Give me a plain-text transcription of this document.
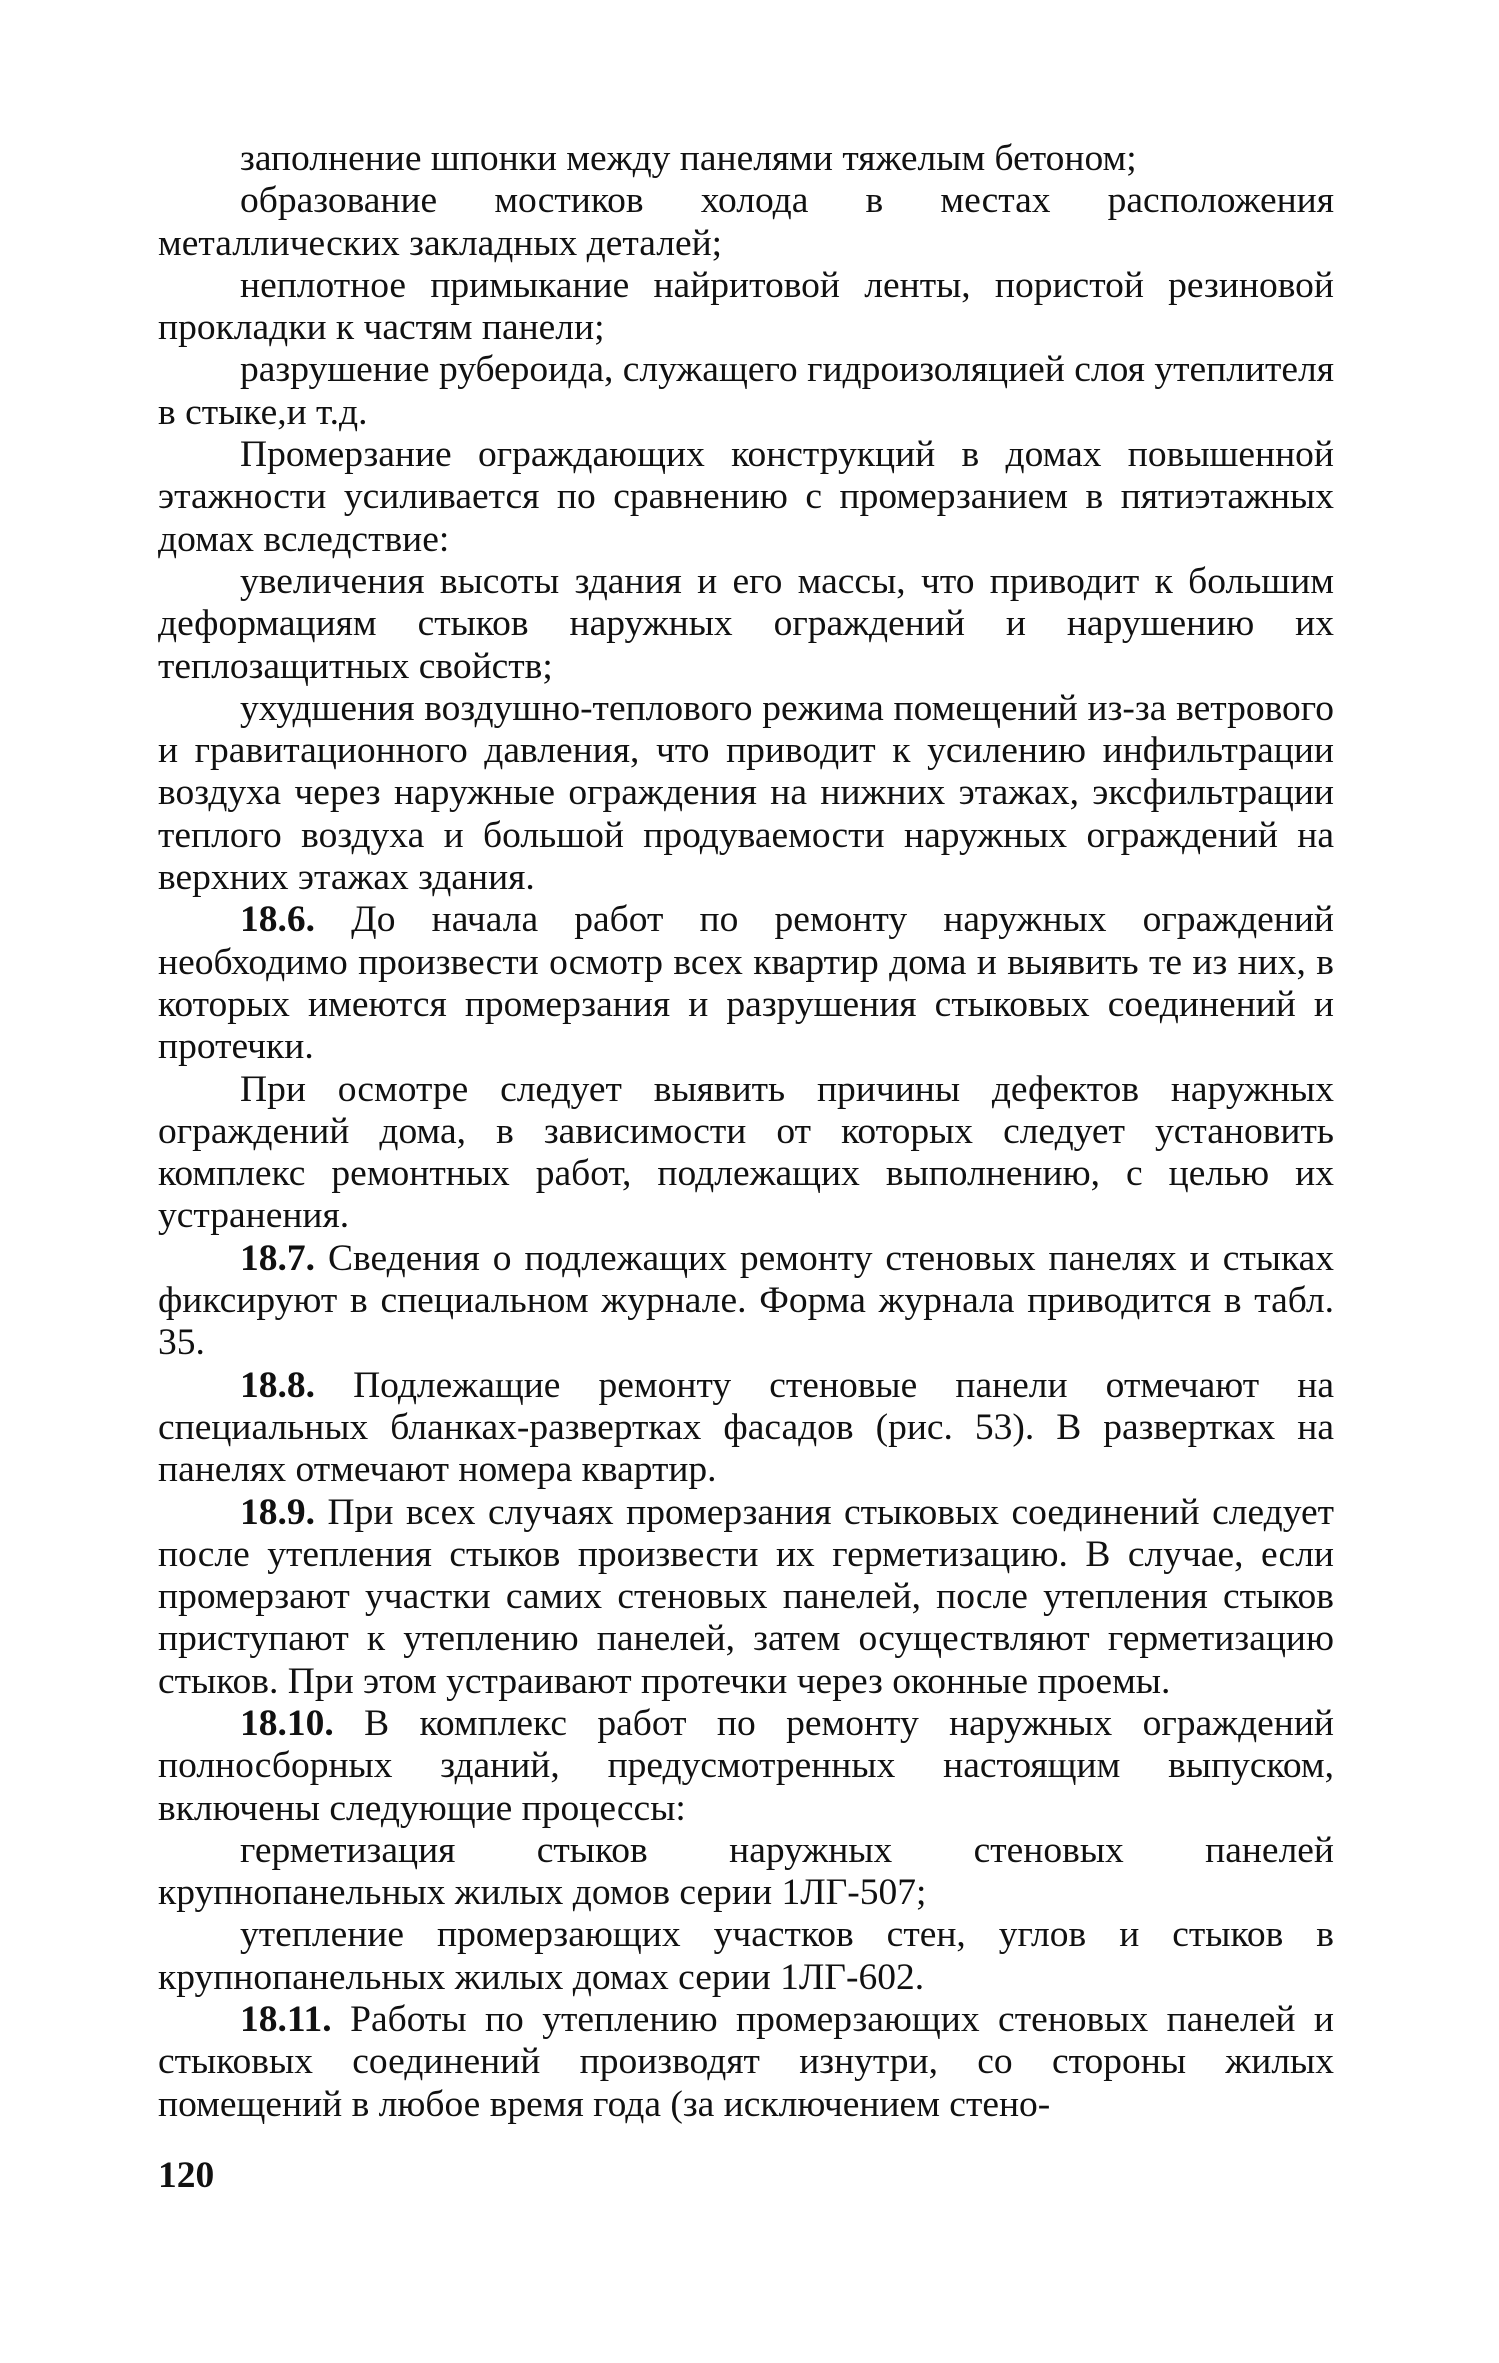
заполнение шпонки между панелями тяжелым бетоном;

образование мостиков холода в местах расположения металлических закладных деталей;

неплотное примыкание найритовой ленты, пористой резиновой прокладки к частям панели;

разрушение рубероида, служащего гидроизоляцией слоя утеплителя в стыке,и т.д.

Промерзание ограждающих конструкций в домах повышенной этажности усиливается по сравнению с промерзанием в пятиэтажных домах вследствие:

увеличения высоты здания и его массы, что приводит к большим деформациям стыков наружных ограждений и нарушению их теплозащитных свойств;

ухудшения воздушно-теплового режима помещений из-за ветрового и гравитационного давления, что приводит к усилению инфильтрации воздуха через наружные ограждения на нижних этажах, эксфильтрации теплого воздуха и большой продуваемости наружных ограждений на верхних этажах здания.

18.6. До начала работ по ремонту наружных ограждений необходимо произвести осмотр всех квартир дома и выявить те из них, в которых имеются промерзания и разрушения стыковых соединений и протечки.

При осмотре следует выявить причины дефектов наружных ограждений дома, в зависимости от которых следует установить комплекс ремонтных работ, подлежащих выполнению, с целью их устранения.

18.7. Сведения о подлежащих ремонту стеновых панелях и стыках фиксируют в специальном журнале. Форма журнала приводится в табл. 35.

18.8. Подлежащие ремонту стеновые панели отмечают на специальных бланках-развертках фасадов (рис. 53). В развертках на панелях отмечают номера квартир.

18.9. При всех случаях промерзания стыковых соединений следует после утепления стыков произвести их герметизацию. В случае, если промерзают участки самих стеновых панелей, после утепления стыков приступают к утеплению панелей, затем осуществляют герметизацию стыков. При этом устраивают протечки через оконные проемы.

18.10. В комплекс работ по ремонту наружных ограждений полносборных зданий, предусмотренных настоящим выпуском, включены следующие процессы:

герметизация стыков наружных стеновых панелей крупнопанельных жилых домов серии 1ЛГ-507;

утепление промерзающих участков стен, углов и стыков в крупнопанельных жилых домах серии 1ЛГ-602.

18.11. Работы по утеплению промерзающих стеновых панелей и стыковых соединений производят изнутри, со стороны жилых помещений в любое время года (за исключением стено-

120
